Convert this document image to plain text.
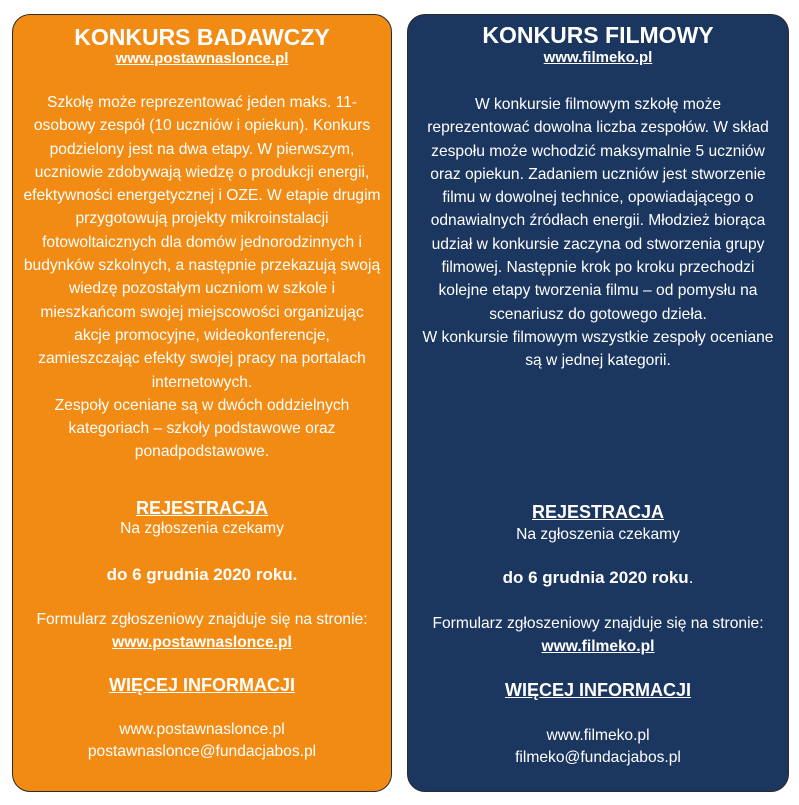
KONKURS BADAWCZY
www.postawnaslonce.pl

Szkołę może reprezentować jeden maks. 11-osobowy zespół (10 uczniów i opiekun). Konkurs podzielony jest na dwa etapy. W pierwszym, uczniowie zdobywają wiedzę o produkcji energii, efektywności energetycznej i OZE. W etapie drugim przygotowują projekty mikroinstalacji fotowoltaicznych dla domów jednorodzinnych i budynków szkolnych, a następnie przekazują swoją wiedzę pozostałym uczniom w szkole i mieszkańcom swojej miejscowości organizując akcje promocyjne, wideokonferencje, zamieszczając efekty swojej pracy na portalach internetowych.

Zespoły oceniane są w dwóch oddzielnych kategoriach – szkoły podstawowe oraz ponadpodstawowe.

REJESTRACJA
Na zgłoszenia czekamy
do 6 grudnia 2020 roku.
Formularz zgłoszeniowy znajduje się na stronie: www.postawnaslonce.pl
WIĘCEJ INFORMACJI
www.postawnaslonce.pl
postawnaslonce@fundacjabos.pl
KONKURS FILMOWY
www.filmeko.pl

W konkursie filmowym szkołę może reprezentować dowolna liczba zespołów. W skład zespołu może wchodzić maksymalnie 5 uczniów oraz opiekun. Zadaniem uczniów jest stworzenie filmu w dowolnej technice, opowiadającego o odnawialnych źródłach energii. Młodzież biorąca udział w konkursie zaczyna od stworzenia grupy filmowej. Następnie krok po kroku przechodzi kolejne etapy tworzenia filmu – od pomysłu na scenariusz do gotowego dzieła.

W konkursie filmowym wszystkie zespoły oceniane są w jednej kategorii.

REJESTRACJA
Na zgłoszenia czekamy
do 6 grudnia 2020 roku.
Formularz zgłoszeniowy znajduje się na stronie: www.filmeko.pl
WIĘCEJ INFORMACJI
www.filmeko.pl
filmeko@fundacjabos.pl
